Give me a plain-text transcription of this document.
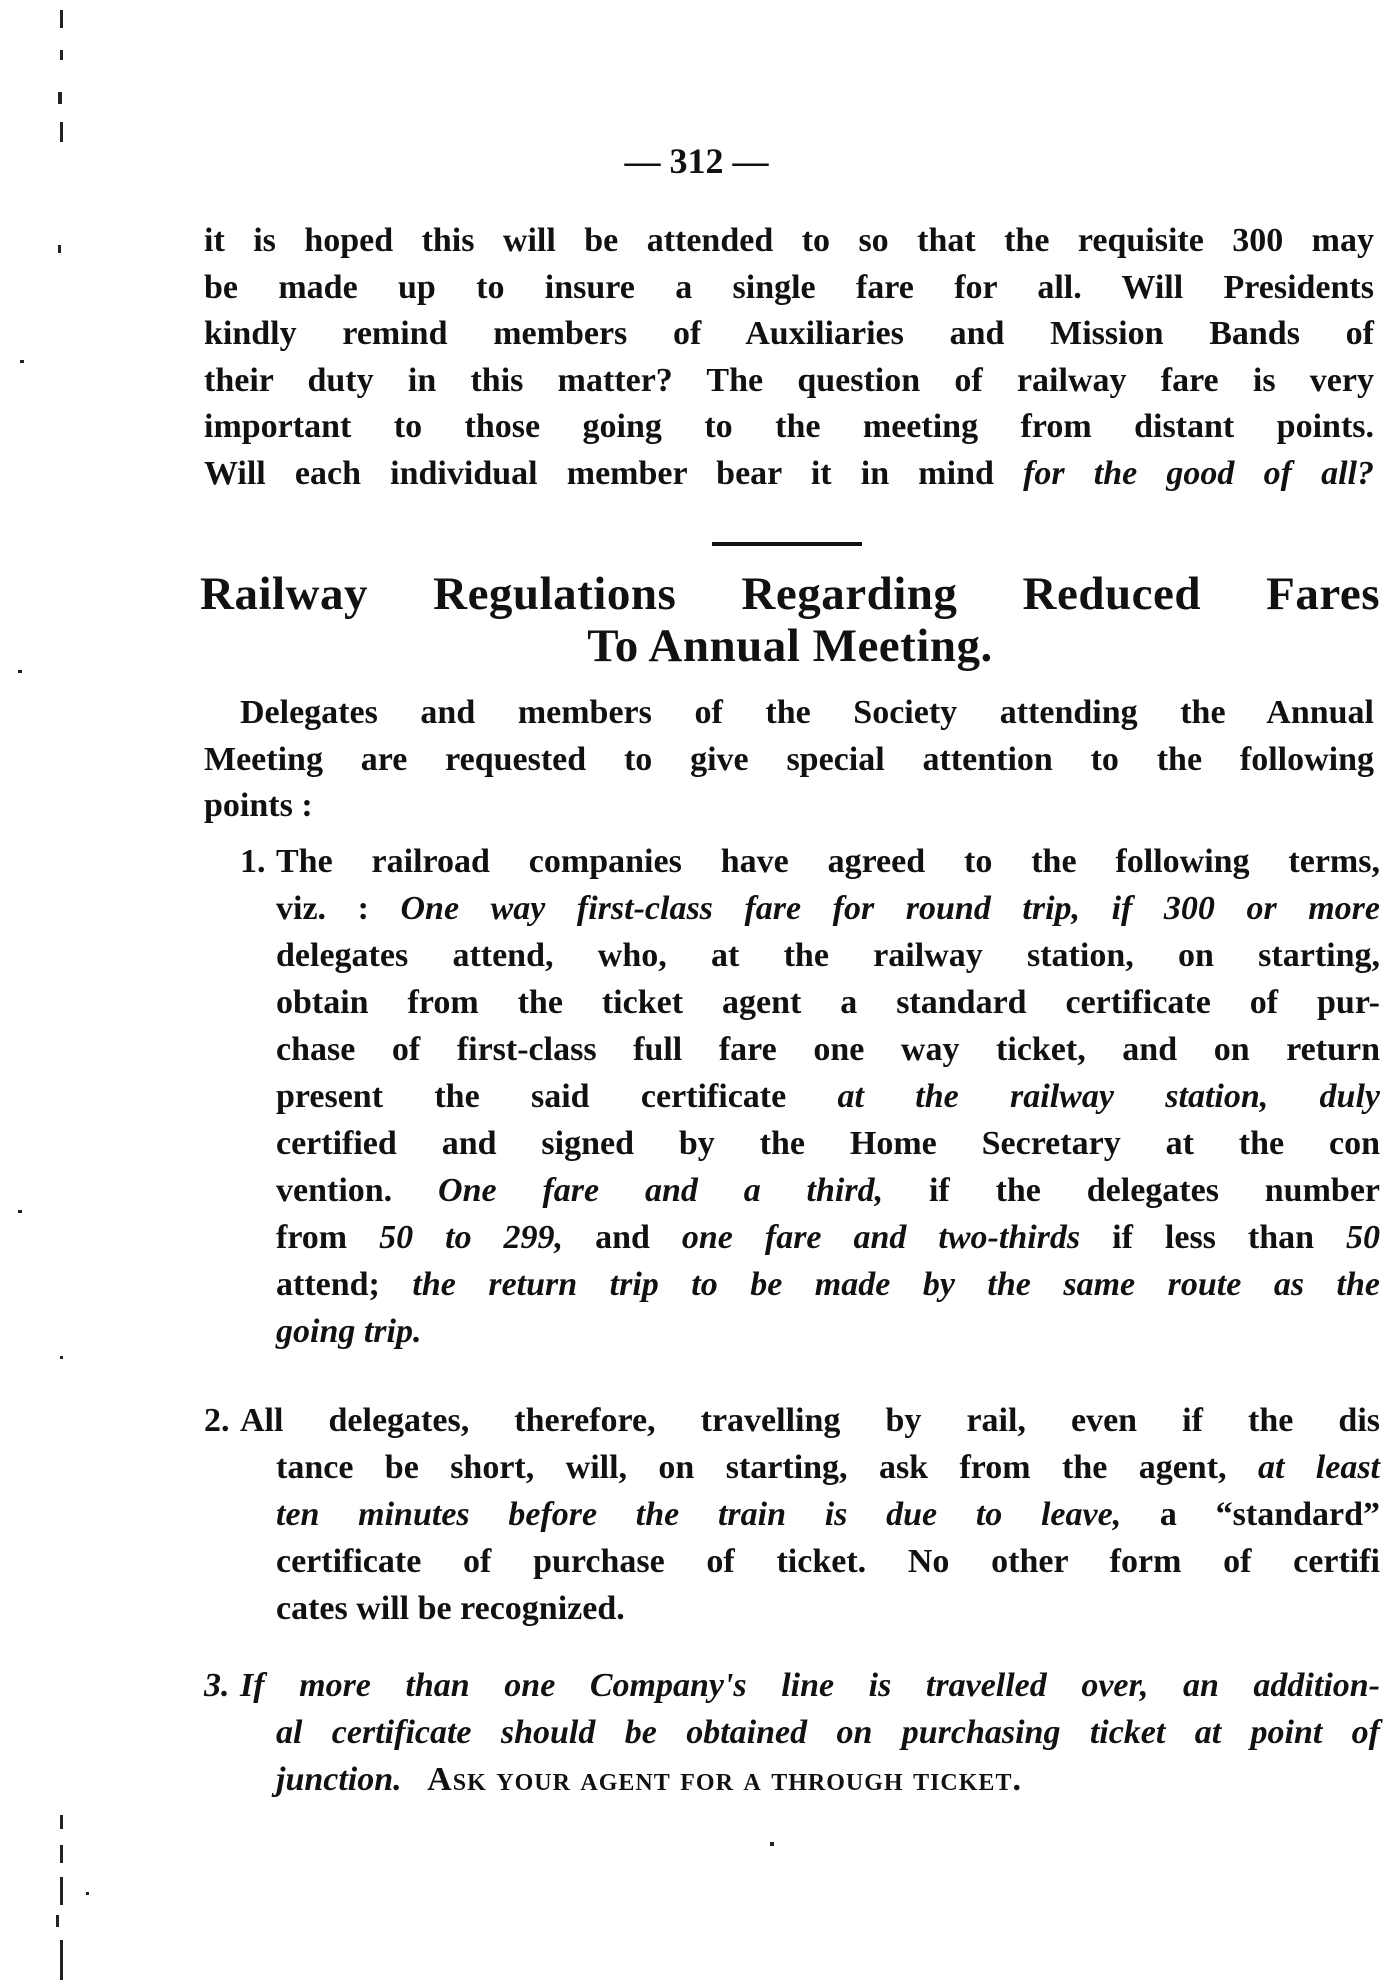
— 312 —
it is hoped this will be attended to so that the requisite 300 may
be made up to insure a single fare for all. Will Presidents
kindly remind members of Auxiliaries and Mission Bands of
their duty in this matter? The question of railway fare is very
important to those going to the meeting from distant points.
Will each individual member bear it in mind for the good of all?
Railway Regulations Regarding Reduced Fares
To Annual Meeting.
Delegates and members of the Society attending the Annual
Meeting are requested to give special attention to the following
points :
1. The railroad companies have agreed to the following terms,
viz. : One way first-class fare for round trip, if 300 or more
delegates attend, who, at the railway station, on starting,
obtain from the ticket agent a standard certificate of pur-
chase of first-class full fare one way ticket, and on return
present the said certificate at the railway station, duly
certified and signed by the Home Secretary at the con
vention. One fare and a third, if the delegates number
from 50 to 299, and one fare and two-thirds if less than 50
attend; the return trip to be made by the same route as the
going trip.
2. All delegates, therefore, travelling by rail, even if the dis
tance be short, will, on starting, ask from the agent, at least
ten minutes before the train is due to leave, a “standard”
certificate of purchase of ticket. No other form of certifi
cates will be recognized.
3. If more than one Company's line is travelled over, an addition-
al certificate should be obtained on purchasing ticket at point of
junction. Ask your agent for a through ticket.
